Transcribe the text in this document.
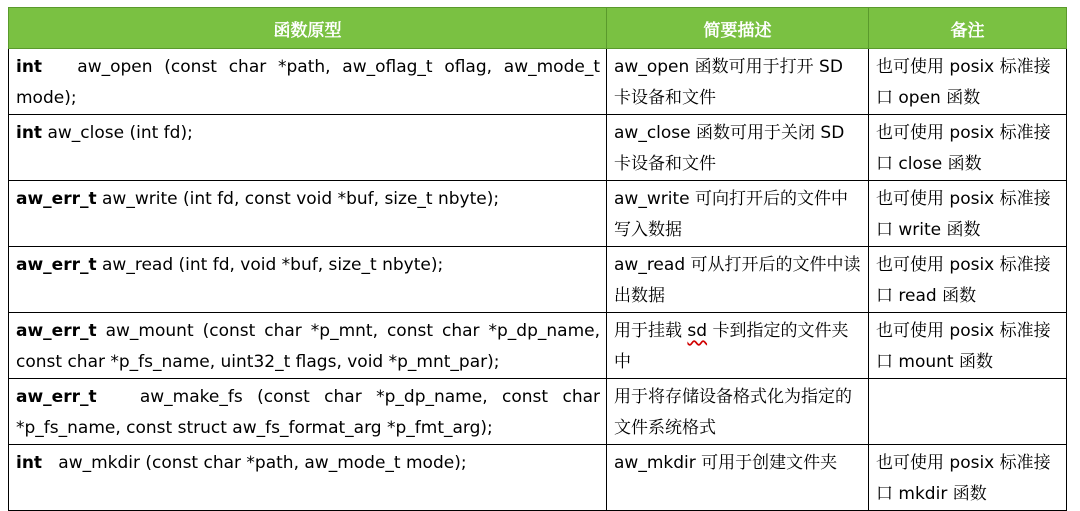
函数原型	简要描述	备注
int aw_open (const char *path, aw_oflag_t oflag, aw_mode_t mode);	aw_open 函数可用于打开 SD 卡设备和文件	也可使用 posix 标准接口 open 函数
int aw_close (int fd);	aw_close 函数可用于关闭 SD 卡设备和文件	也可使用 posix 标准接口 close 函数
aw_err_t aw_write (int fd, const void *buf, size_t nbyte);	aw_write 可向打开后的文件中写入数据	也可使用 posix 标准接口 write 函数
aw_err_t aw_read (int fd, void *buf, size_t nbyte);	aw_read 可从打开后的文件中读出数据	也可使用 posix 标准接口 read 函数
aw_err_t aw_mount (const char *p_mnt, const char *p_dp_name, const char *p_fs_name, uint32_t flags, void *p_mnt_par);	用于挂载 sd 卡到指定的文件夹中	也可使用 posix 标准接口 mount 函数
aw_err_t aw_make_fs (const char *p_dp_name, const char *p_fs_name, const struct aw_fs_format_arg *p_fmt_arg);	用于将存储设备格式化为指定的文件系统格式	
int aw_mkdir (const char *path, aw_mode_t mode);	aw_mkdir 可用于创建文件夹	也可使用 posix 标准接口 mkdir 函数
